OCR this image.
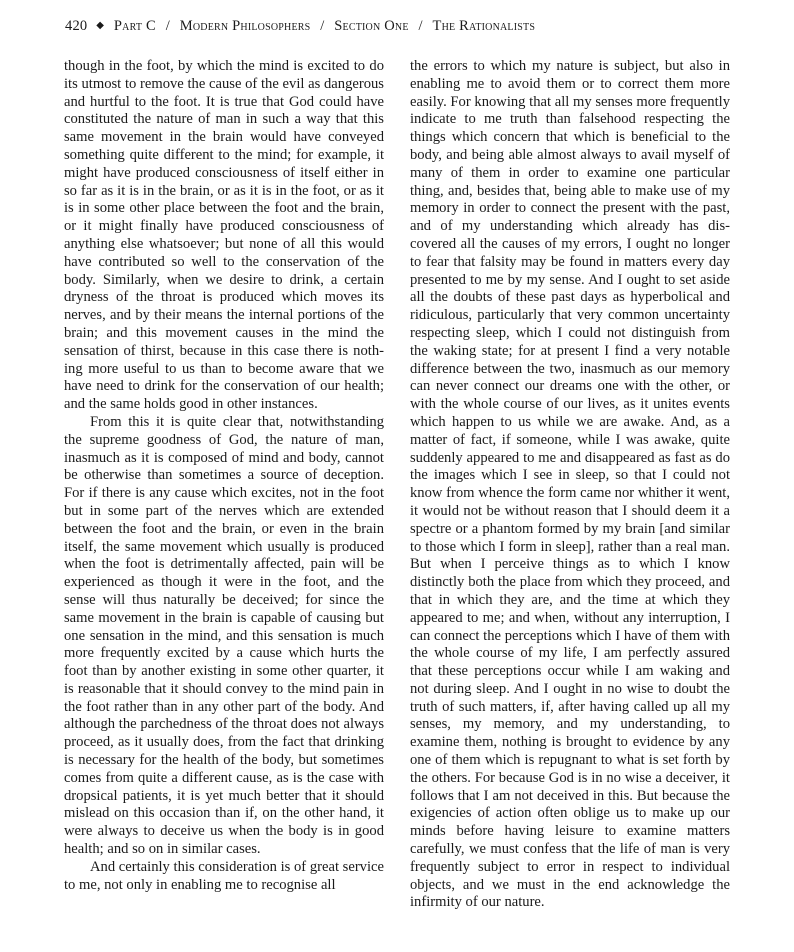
420 ◆ Part C / Modern Philosophers / Section One / The Rationalists

though in the foot, by which the mind is excited to do its utmost to remove the cause of the evil as dangerous and hurtful to the foot. It is true that God could have constituted the nature of man in such a way that this same movement in the brain would have conveyed something quite different to the mind; for example, it might have produced consciousness of itself either in so far as it is in the brain, or as it is in the foot, or as it is in some other place between the foot and the brain, or it might finally have produced consciousness of anything else whatsoever; but none of all this would have contributed so well to the conservation of the body. Similarly, when we desire to drink, a certain dryness of the throat is produced which moves its nerves, and by their means the internal portions of the brain; and this movement causes in the mind the sensation of thirst, because in this case there is nothing more useful to us than to become aware that we have need to drink for the conservation of our health; and the same holds good in other instances.

From this it is quite clear that, notwithstanding the supreme goodness of God, the nature of man, inasmuch as it is composed of mind and body, cannot be otherwise than sometimes a source of deception. For if there is any cause which excites, not in the foot but in some part of the nerves which are extended between the foot and the brain, or even in the brain itself, the same movement which usually is produced when the foot is detrimentally affected, pain will be experienced as though it were in the foot, and the sense will thus naturally be deceived; for since the same movement in the brain is capable of causing but one sensation in the mind, and this sensation is much more frequently excited by a cause which hurts the foot than by another existing in some other quarter, it is reasonable that it should convey to the mind pain in the foot rather than in any other part of the body. And although the parchedness of the throat does not always proceed, as it usually does, from the fact that drinking is necessary for the health of the body, but sometimes comes from quite a different cause, as is the case with dropsical patients, it is yet much better that it should mislead on this occasion than if, on the other hand, it were always to deceive us when the body is in good health; and so on in similar cases.

And certainly this consideration is of great service to me, not only in enabling me to recognise all

the errors to which my nature is subject, but also in enabling me to avoid them or to correct them more easily. For knowing that all my senses more frequently indicate to me truth than falsehood respecting the things which concern that which is beneficial to the body, and being able almost always to avail myself of many of them in order to examine one particular thing, and, besides that, being able to make use of my memory in order to connect the present with the past, and of my understanding which already has discovered all the causes of my errors, I ought no longer to fear that falsity may be found in matters every day presented to me by my sense. And I ought to set aside all the doubts of these past days as hyperbolical and ridiculous, particularly that very common uncertainty respecting sleep, which I could not distinguish from the waking state; for at present I find a very notable difference between the two, inasmuch as our memory can never connect our dreams one with the other, or with the whole course of our lives, as it unites events which happen to us while we are awake. And, as a matter of fact, if someone, while I was awake, quite suddenly appeared to me and disappeared as fast as do the images which I see in sleep, so that I could not know from whence the form came nor whither it went, it would not be without reason that I should deem it a spectre or a phantom formed by my brain [and similar to those which I form in sleep], rather than a real man. But when I perceive things as to which I know distinctly both the place from which they proceed, and that in which they are, and the time at which they appeared to me; and when, without any interruption, I can connect the perceptions which I have of them with the whole course of my life, I am perfectly assured that these perceptions occur while I am waking and not during sleep. And I ought in no wise to doubt the truth of such matters, if, after having called up all my senses, my memory, and my understanding, to examine them, nothing is brought to evidence by any one of them which is repugnant to what is set forth by the others. For because God is in no wise a deceiver, it follows that I am not deceived in this. But because the exigencies of action often oblige us to make up our minds before having leisure to examine matters carefully, we must confess that the life of man is very frequently subject to error in respect to individual objects, and we must in the end acknowledge the infirmity of our nature.
